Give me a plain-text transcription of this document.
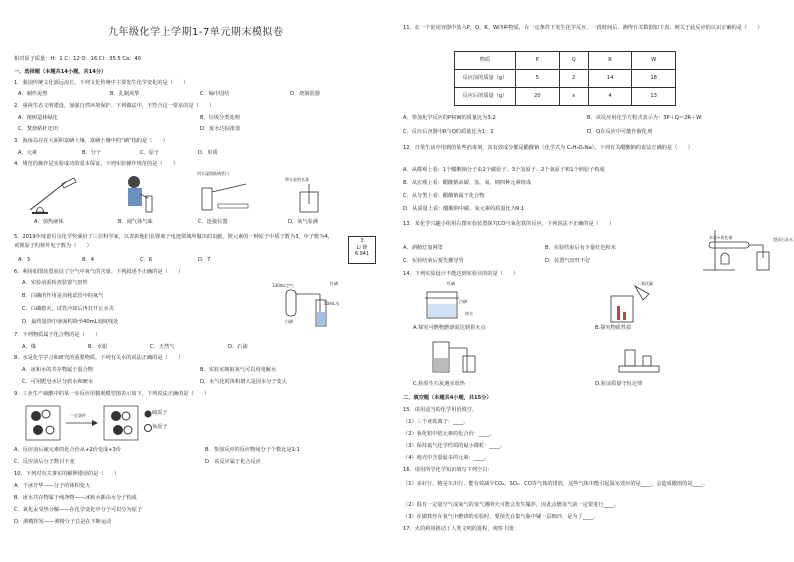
九年级化学上学期1-7单元期末模拟卷
相对原子质量：H：1 C：12 O：16 Cl：35.5 Ca：40
一、选择题（本题共14小题，共14分）
1．我国传统文化源远流长，下列文化传统中主要发生化学变化的是（　　）
A．制作泥塑	B．扎制风筝	C．编中国结	D．烧制瓷器
2．重视生态文明建设，加强自然环境保护。下列做法中，不符合这一要求的是（　　）
A．植树造林绿化	B．垃圾分类处理
C．焚烧秸秆还田	D．废水达标排放
3．海南岛存在大面积富硒土壤，富硒土壤中的“硒”指的是（　　）
A．元素	B．分子	C．原子	D．单质
4．规范的操作是实验成功的基本保证。下列实验操作规范的是（　　）
用水湿润玻璃管口
带火星的木条
A．加热液体	B．闻气体气味	C．连接仪器	D．氧气验满
5．2019年度诺贝尔化学奖颁给了三位科学家，以表彰他们在锂离子电池领域所做出的贡献。锂元素的一种原子中质子数为3，中子数为4，该锂原子的核外电子数为（　　）
3
Li 锂
6.941
A．3	B．4	C．6	D．7
6．利用如图装置验证了空气中氧气的含量。下列叙述不正确的是（　　）
A．实验前需检查装置气密性
B．白磷的作用是消耗试管中的氧气
C．白磷熄火，试管冷却后再打开止水夹
D．最终量筒中液面约降至40mL刻度线处
130mL空气	红磷
50mL水
白磷
7．下列物质属于化合物的是（　　）
A．煤	B．水银	C．天然气	D．石油
8．水是化学学习和研究的重要物质。下列有关水的说法正确的是（　　）
A．冰和水的共存物属于混合物	B．实验室制取氧气可以用电解水
C．可用肥皂水区分软水和硬水	D．水气化时体积增大是因水分子变大
9．工业生产硫酸中的某一步反应用微观模型图表示如下，下列说法正确的是（　　）
一定条件	硫原子
氧原子
A．反应前后硫元素的化合价从+2价变成+3价	B．参加反应的反应物间分子个数比是1:1
C．反应前后分子数目不变	D．该反应属于化合反应
10．下列对有关事实的解释错误的是（　　）
A．干冰升华——分子的体积变大
B．冰水共存物属于纯净物——冰和水都由水分子构成
C．氧化汞受热分解——在化学变化中分子可以分为原子
D．酒精挥发——酒精分子总是在不断运动
11．在一个密闭容器中放入P、Q、R、W四种物质，在一定条件下发生化学反应，一段时间后，测得有关数据如下表，则关于此反应的认识正确的是（　　）
物质	P	Q	R	W
反应前的质量（g）	5	2	14	18
反应后的质量（g）	20	x	4	13
A．参加化学反应的P和W的质量比为3:2	B．该反应用化学方程式表示为：3P＋Q＝2R＋W
C．反应后容器中R与Q的质量比为1：2	D．Q在反应中可能作催化剂
12．日常生活中用到的某些消毒剂，其有效成分都是醋酸钠（化学式为 C₂H₃O₂Na）。下列有关醋酸钠的说法正确的是（　　）
A．从微观上看：1个醋酸钠分子由2个碳原子、3个氢原子、2个氧原子和1个钠原子构成
B．从宏观上看：醋酸钠由碳、氢、氧、钠四种元素组成
C．从分类上看：醋酸钠属于化合物
D．从质量上看：醋酸钠中碳、氧元素的质量比为9:1
13．某化学兴趣小组用右图实验装置探究CO与氧化铁的反应，下列说法不正确的是（　　）
木炭+氧化铜	澄清石灰水
A．酒精灯加网罩	B．实验结束后有少量红色粉末
C．实验结束后要先撤导管	D．装置气密性不好
14．下列实验设计不能达到实验目的的是（　　）
红磷
白磷
热水
二氧化碳
A.探究可燃物燃烧需达到着火点	B.探究物质性质
C.检验生石灰遇水放热	D.验证质量守恒定律
二、填空题（本题共4小题，共15分）
15．请用适当的化学用语填空。
（1）三个亚铁离子：____。
（2）氧化铝中铝元素的化合价：____。
（3）保持氦气化学性质的最小微粒：____。
（4）地壳中含量最多的元素：____。
16．请用所学化学知识填写下列空白：
（1）多好行，精是车出行，能有效减少CO₂、SO₂、CO等气体的排放，这些气体中能引起温室效应的是____，会造成酸雨的是____。
（2）混有一定量空气或氧气的氢气遇明火可能会发生爆炸，因此点燃氢气前一定要进行____。
（3）在做铁丝在氧气中燃烧的实验时，要预先在集气瓶中铺一层细沙，是为了____。
17．火的利用推动了人类文明的进程，观察下图：
